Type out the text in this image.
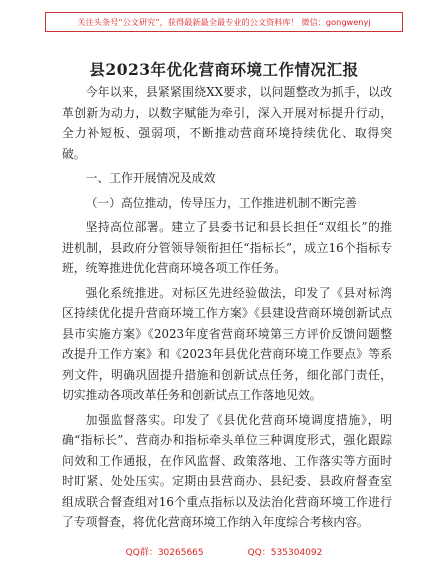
关注头条号“公文研究”，获得最新最全最专业的公文资料库！ 微信：gongwenyj
县2023年优化营商环境工作情况汇报

今年以来，县紧紧围绕XX要求，以问题整改为抓手，以改革创新为动力，以数字赋能为牵引，深入开展对标提升行动，全力补短板、强弱项，不断推动营商环境持续优化、取得突破。

一、工作开展情况及成效

（一）高位推动，传导压力，工作推进机制不断完善

坚持高位部署。建立了县委书记和县长担任“双组长”的推进机制，县政府分管领导领衔担任“指标长”，成立16个指标专班，统筹推进优化营商环境各项工作任务。

强化系统推进。对标区先进经验做法，印发了《县对标湾区持续优化提升营商环境工作方案》《县建设营商环境创新试点县市实施方案》《2023年度省营商环境第三方评价反馈问题整改提升工作方案》和《2023年县优化营商环境工作要点》等系列文件，明确巩固提升措施和创新试点任务，细化部门责任，切实推动各项改革任务和创新试点工作落地见效。

加强监督落实。印发了《县优化营商环境调度措施》，明确“指标长”、营商办和指标牵头单位三种调度形式，强化跟踪问效和工作通报，在作风监督、政策落地、工作落实等方面时时盯紧、处处压实。定期由县营商办、县纪委、县政府督查室组成联合督查组对16个重点指标以及法治化营商环境工作进行了专项督查，将优化营商环境工作纳入年度综合考核内容。

QQ群：30265665	QQ：535304092
